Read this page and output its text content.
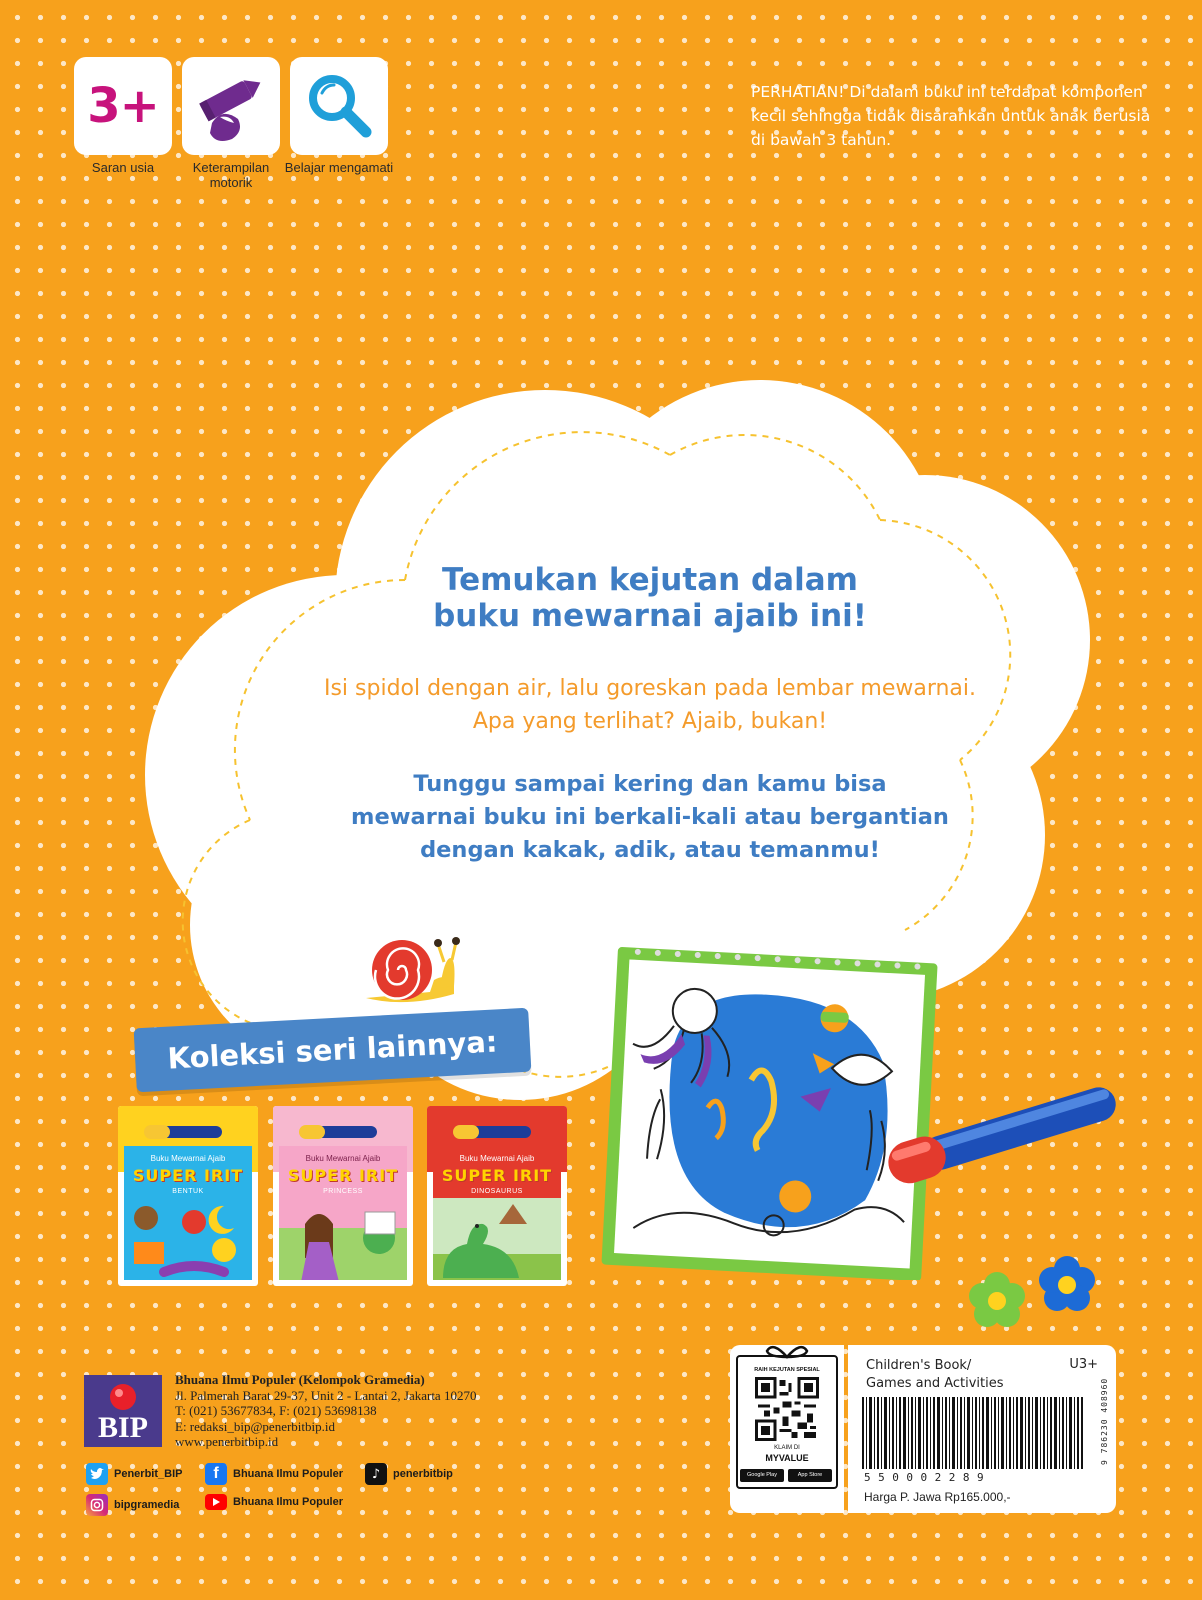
3+
Saran usia	Keterampilan motorik
Belajar mengamati
PERHATIAN! Di dalam buku ini terdapat komponen kecil sehingga tidak disarankan untuk anak berusia di bawah 3 tahun.
Temukan kejutan dalam
buku mewarnai ajaib ini!
Isi spidol dengan air, lalu goreskan pada lembar mewarnai.
Apa yang terlihat? Ajaib, bukan!
Tunggu sampai kering dan kamu bisa
mewarnai buku ini berkali-kali atau bergantian
dengan kakak, adik, atau temanmu!
Koleksi seri lainnya:
Buku Mewarnai Ajaib
SUPER IRIT
BENTUK
Buku Mewarnai Ajaib
SUPER IRIT
PRINCESS
Buku Mewarnai Ajaib
SUPER IRIT
DINOSAURUS
BIP
Bhuana Ilmu Populer (Kelompok Gramedia)
Jl. Palmerah Barat 29-37, Unit 2 - Lantai 2, Jakarta 10270
T: (021) 53677834, F: (021) 53698138
E: redaksi_bip@penerbitbip.id
www.penerbitbip.id
Penerbit_BIP f Bhuana Ilmu Populer ♪ penerbitbip
bipgramedia	Bhuana Ilmu Populer
RAIH KEJUTAN SPESIAL
KLAIM DI
MYVALUE
Google Play	App Store
Children's Book/
Games and Activities
U3+
9 786230 408960
550002289
Harga P. Jawa Rp165.000,-
